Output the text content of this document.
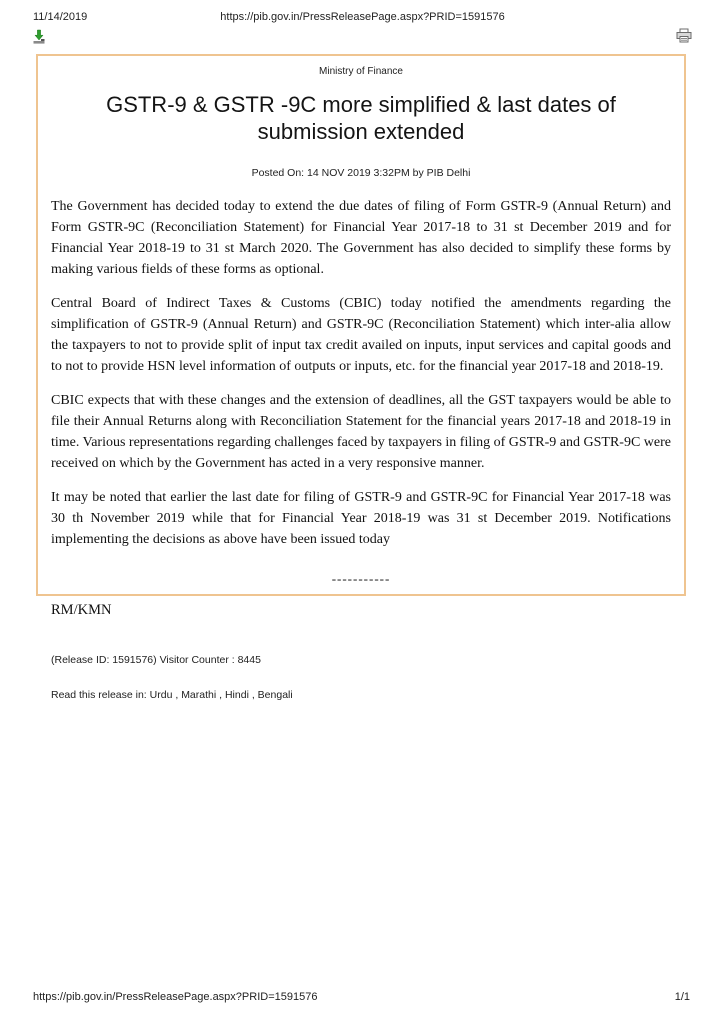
11/14/2019	https://pib.gov.in/PressReleasePage.aspx?PRID=1591576
Ministry of Finance
GSTR-9 & GSTR -9C more simplified & last dates of submission extended
Posted On: 14 NOV 2019 3:32PM by PIB Delhi

The Government has decided today to extend the due dates of filing of Form GSTR-9 (Annual Return) and Form GSTR-9C (Reconciliation Statement) for Financial Year 2017-18 to 31 st December 2019 and for Financial Year 2018-19 to 31 st March 2020. The Government has also decided to simplify these forms by making various fields of these forms as optional.

Central Board of Indirect Taxes & Customs (CBIC) today notified the amendments regarding the simplification of GSTR-9 (Annual Return) and GSTR-9C (Reconciliation Statement) which inter-alia allow the taxpayers to not to provide split of input tax credit availed on inputs, input services and capital goods and to not to provide HSN level information of outputs or inputs, etc. for the financial year 2017-18 and 2018-19.

CBIC expects that with these changes and the extension of deadlines, all the GST taxpayers would be able to file their Annual Returns along with Reconciliation Statement for the financial years 2017-18 and 2018-19 in time. Various representations regarding challenges faced by taxpayers in filing of GSTR-9 and GSTR-9C were received on which by the Government has acted in a very responsive manner.

It may be noted that earlier the last date for filing of GSTR-9 and GSTR-9C for Financial Year 2017-18 was 30 th November 2019 while that for Financial Year 2018-19 was 31 st December 2019. Notifications implementing the decisions as above have been issued today

-----------
RM/KMN
(Release ID: 1591576) Visitor Counter : 8445
Read this release in: Urdu , Marathi , Hindi , Bengali
https://pib.gov.in/PressReleasePage.aspx?PRID=1591576	1/1
